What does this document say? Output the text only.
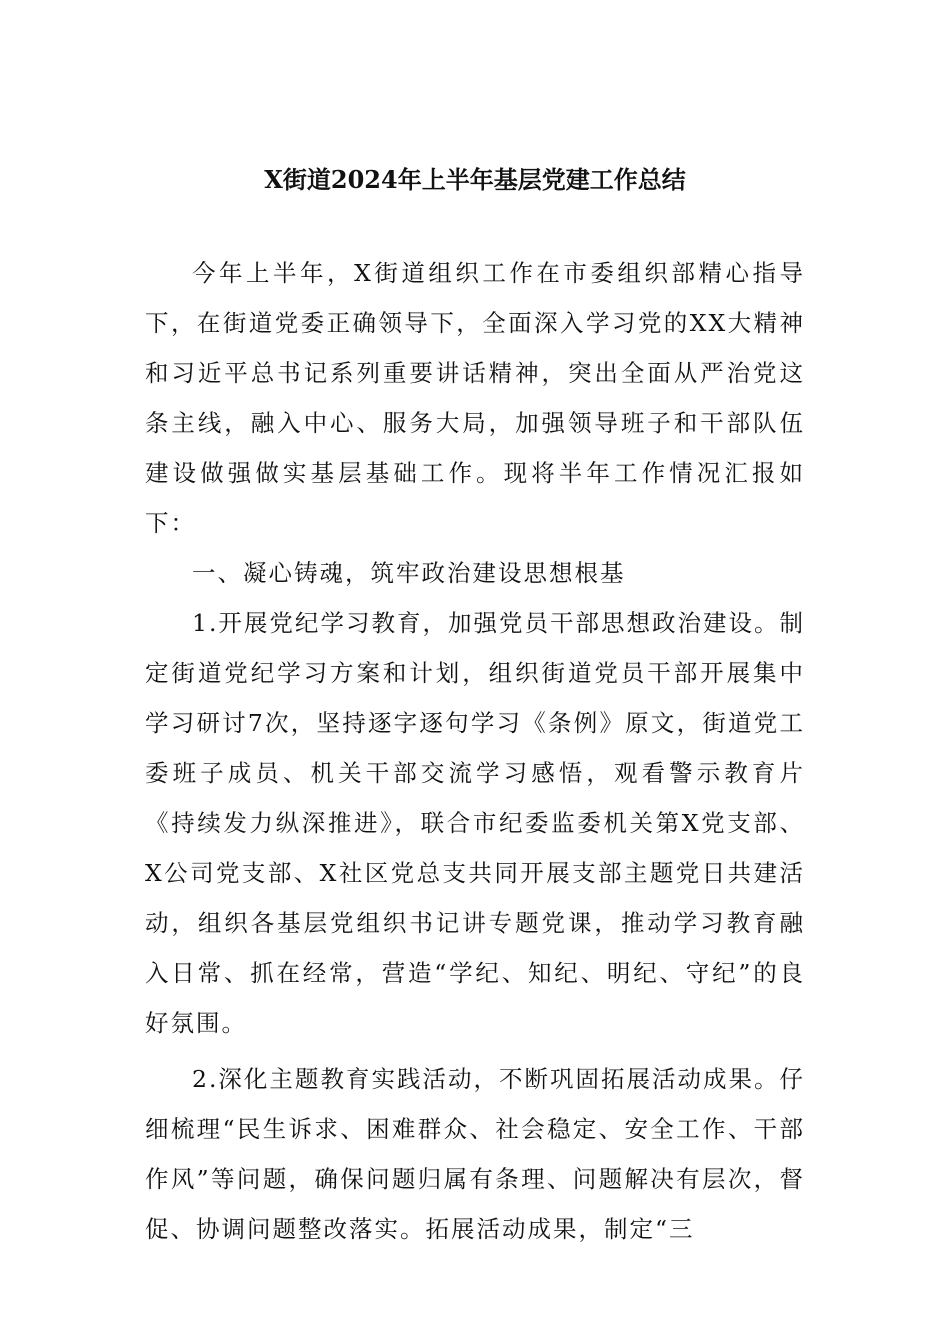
X街道2024年上半年基层党建工作总结

今年上半年，X街道组织工作在市委组织部精心指导下，在街道党委正确领导下，全面深入学习党的XX大精神和习近平总书记系列重要讲话精神，突出全面从严治党这条主线，融入中心、服务大局，加强领导班子和干部队伍建设做强做实基层基础工作。现将半年工作情况汇报如下：

一、凝心铸魂，筑牢政治建设思想根基

1.开展党纪学习教育，加强党员干部思想政治建设。制定街道党纪学习方案和计划，组织街道党员干部开展集中学习研讨7次，坚持逐字逐句学习《条例》原文，街道党工委班子成员、机关干部交流学习感悟，观看警示教育片《持续发力纵深推进》，联合市纪委监委机关第X党支部、X公司党支部、X社区党总支共同开展支部主题党日共建活动，组织各基层党组织书记讲专题党课，推动学习教育融入日常、抓在经常，营造“学纪、知纪、明纪、守纪”的良好氛围。

2.深化主题教育实践活动，不断巩固拓展活动成果。仔细梳理“民生诉求、困难群众、社会稳定、安全工作、干部作风”等问题，确保问题归属有条理、问题解决有层次，督促、协调问题整改落实。拓展活动成果，制定“三
